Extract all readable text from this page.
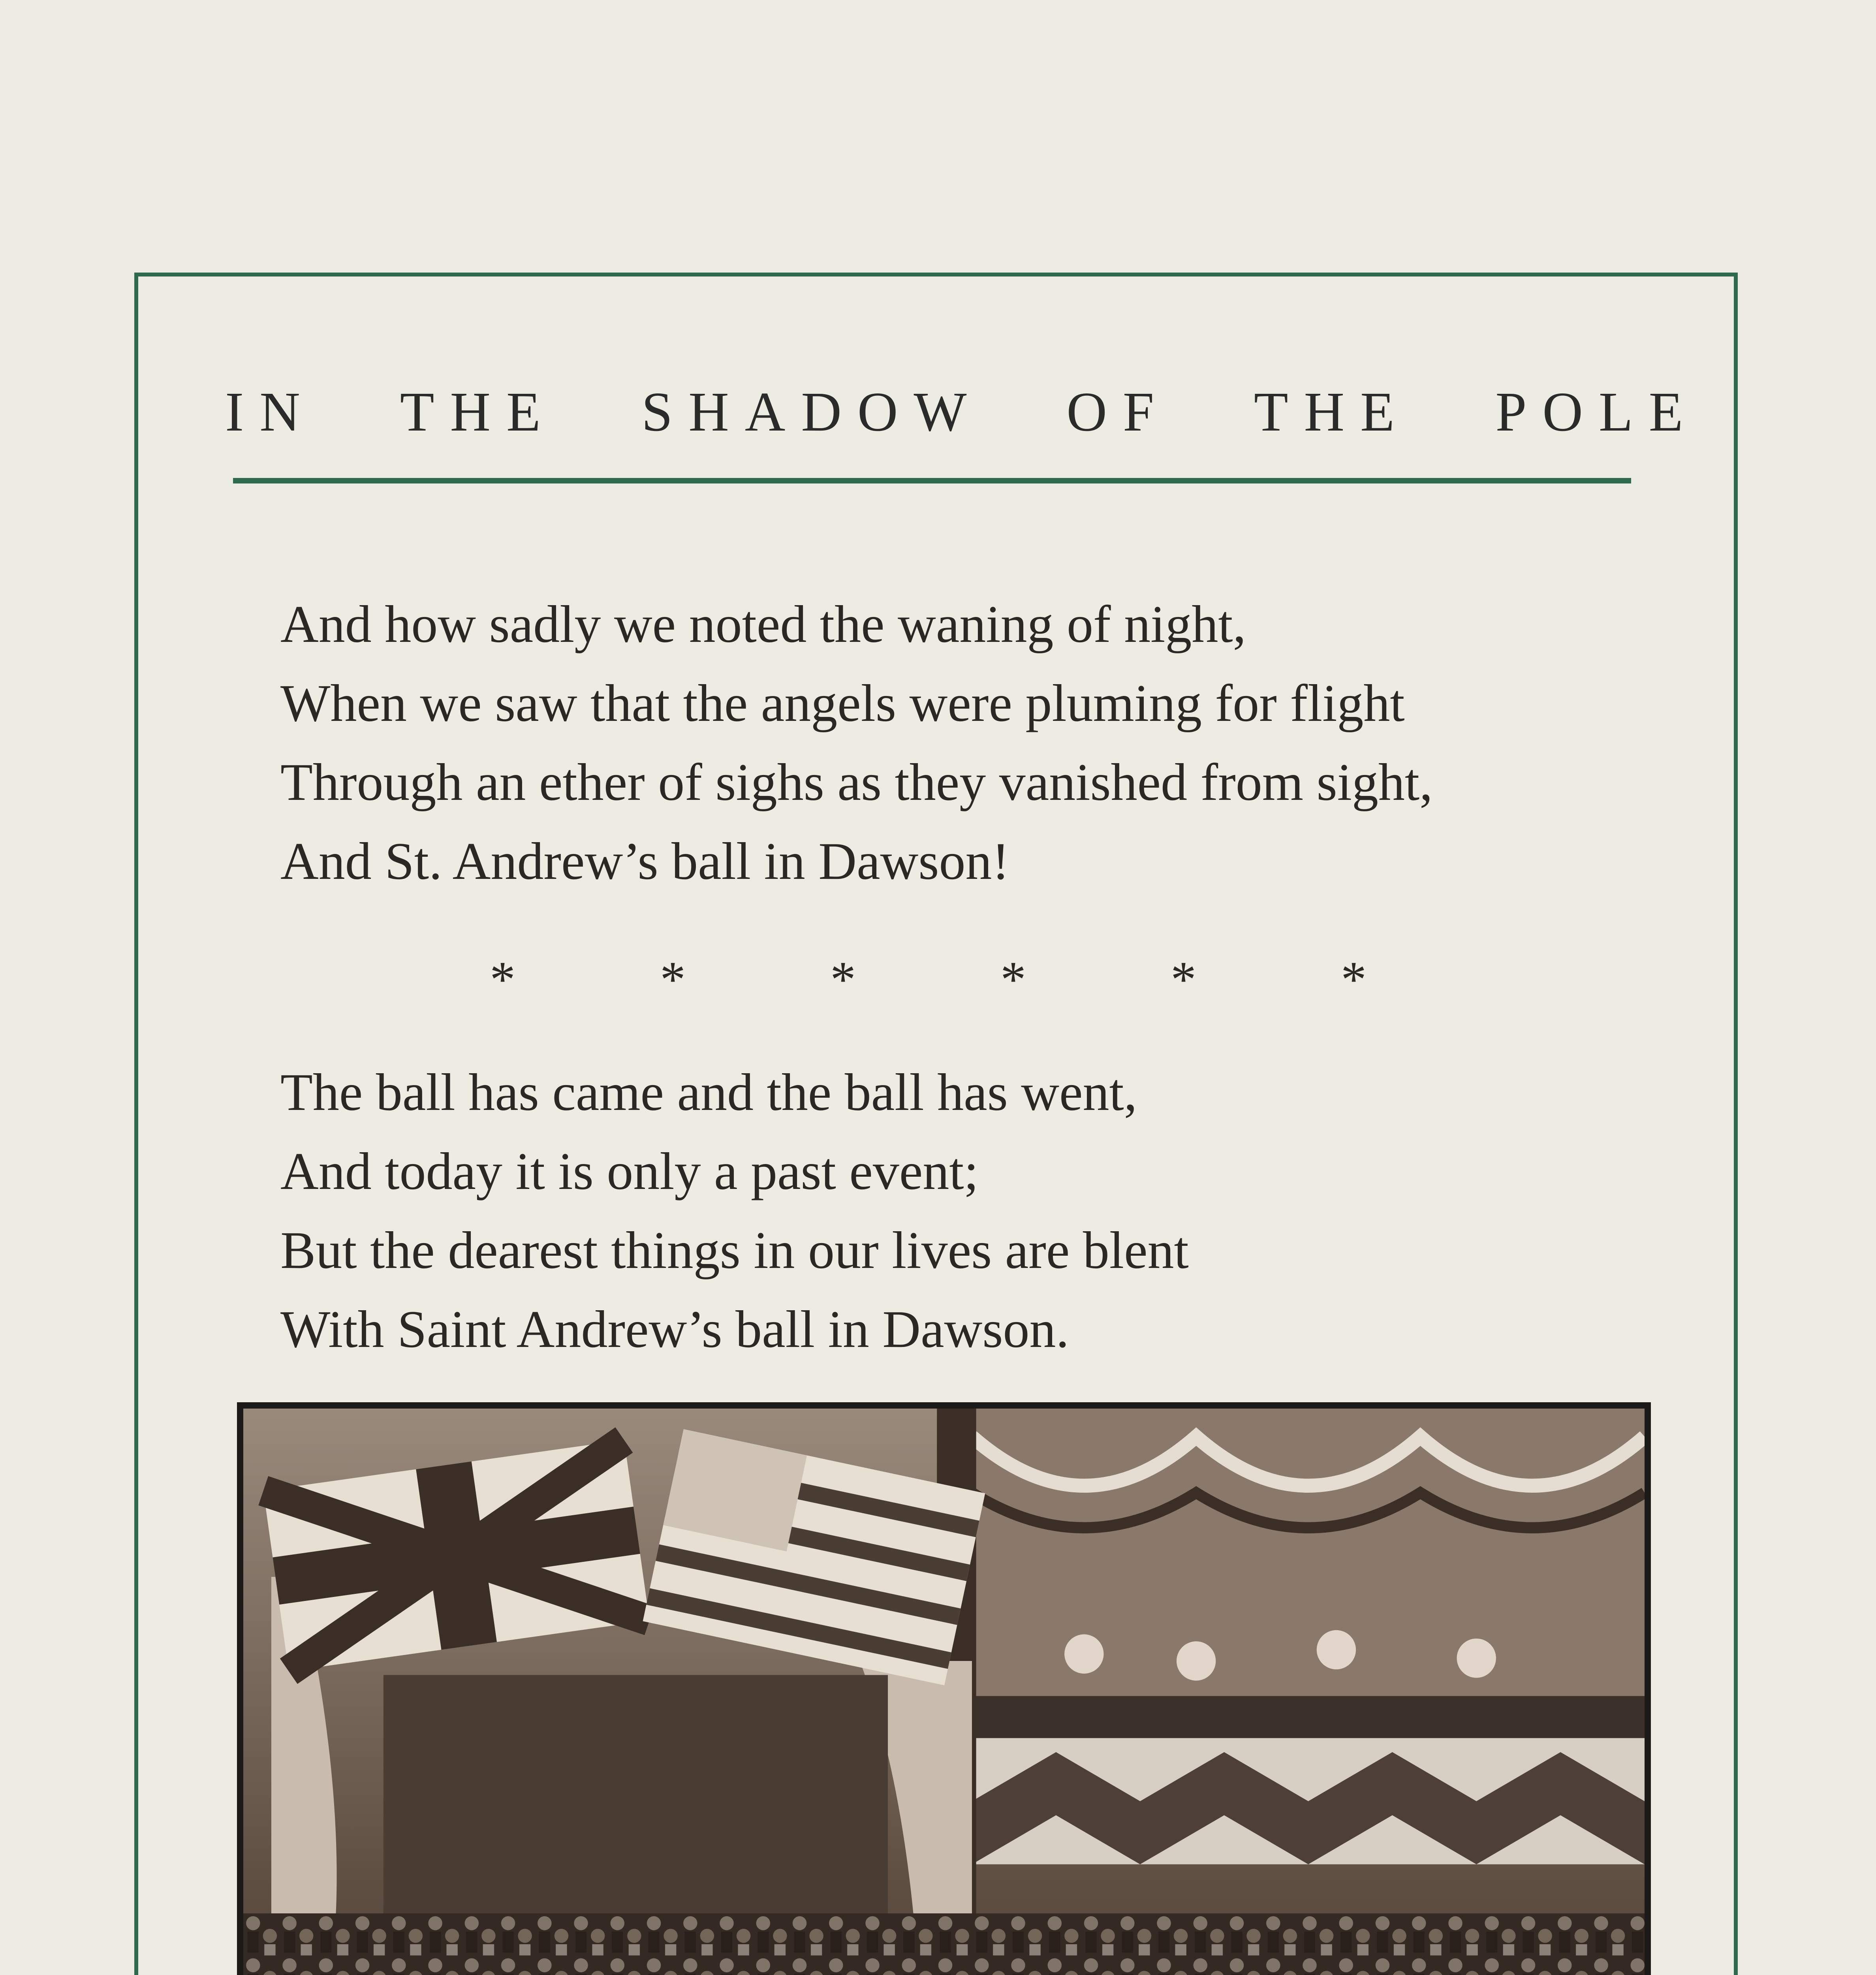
IN THE SHADOW OF THE POLE
And how sadly we noted the waning of night,
When we saw that the angels were pluming for flight
Through an ether of sighs as they vanished from sight,
And St. Andrew’s ball in Dawson!
*	*	*	*	*	*
The ball has came and the ball has went,
And today it is only a past event;
But the dearest things in our lives are blent
With Saint Andrew’s ball in Dawson.
